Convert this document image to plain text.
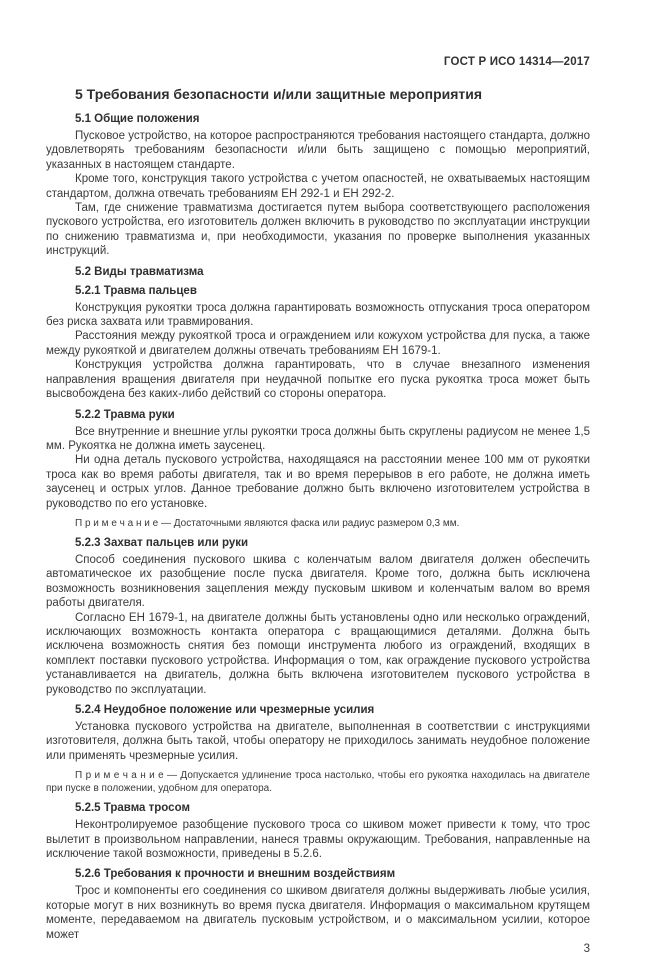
ГОСТ Р ИСО 14314—2017
5 Требования безопасности и/или защитные мероприятия
5.1 Общие положения

Пусковое устройство, на которое распространяются требования настоящего стандарта, должно удовлетворять требованиям безопасности и/или быть защищено с помощью мероприятий, указанных в настоящем стандарте.

Кроме того, конструкция такого устройства с учетом опасностей, не охватываемых настоящим стандартом, должна отвечать требованиям ЕН 292-1 и ЕН 292-2.

Там, где снижение травматизма достигается путем выбора соответствующего расположения пускового устройства, его изготовитель должен включить в руководство по эксплуатации инструкции по снижению травматизма и, при необходимости, указания по проверке выполнения указанных инструкций.

5.2 Виды травматизма
5.2.1 Травма пальцев

Конструкция рукоятки троса должна гарантировать возможность отпускания троса оператором без риска захвата или травмирования.

Расстояния между рукояткой троса и ограждением или кожухом устройства для пуска, а также между рукояткой и двигателем должны отвечать требованиям ЕН 1679-1.

Конструкция устройства должна гарантировать, что в случае внезапного изменения направления вращения двигателя при неудачной попытке его пуска рукоятка троса может быть высвобождена без каких-либо действий со стороны оператора.

5.2.2 Травма руки

Все внутренние и внешние углы рукоятки троса должны быть скруглены радиусом не менее 1,5 мм. Рукоятка не должна иметь заусенец.

Ни одна деталь пускового устройства, находящаяся на расстоянии менее 100 мм от рукоятки троса как во время работы двигателя, так и во время перерывов в его работе, не должна иметь заусенец и острых углов. Данное требование должно быть включено изготовителем устройства в руководство по его установке.

П р и м е ч а н и е — Достаточными являются фаска или радиус размером 0,3 мм.

5.2.3 Захват пальцев или руки

Способ соединения пускового шкива с коленчатым валом двигателя должен обеспечить автоматическое их разобщение после пуска двигателя. Кроме того, должна быть исключена возможность возникновения зацепления между пусковым шкивом и коленчатым валом во время работы двигателя.

Согласно ЕН 1679-1, на двигателе должны быть установлены одно или несколько ограждений, исключающих возможность контакта оператора с вращающимися деталями. Должна быть исключена возможность снятия без помощи инструмента любого из ограждений, входящих в комплект поставки пускового устройства. Информация о том, как ограждение пускового устройства устанавливается на двигатель, должна быть включена изготовителем пускового устройства в руководство по эксплуатации.

5.2.4 Неудобное положение или чрезмерные усилия

Установка пускового устройства на двигателе, выполненная в соответствии с инструкциями изготовителя, должна быть такой, чтобы оператору не приходилось занимать неудобное положение или применять чрезмерные усилия.

П р и м е ч а н и е — Допускается удлинение троса настолько, чтобы его рукоятка находилась на двигателе при пуске в положении, удобном для оператора.

5.2.5 Травма тросом

Неконтролируемое разобщение пускового троса со шкивом может привести к тому, что трос вылетит в произвольном направлении, нанеся травмы окружающим. Требования, направленные на исключение такой возможности, приведены в 5.2.6.

5.2.6 Требования к прочности и внешним воздействиям

Трос и компоненты его соединения со шкивом двигателя должны выдерживать любые усилия, которые могут в них возникнуть во время пуска двигателя. Информация о максимальном крутящем моменте, передаваемом на двигатель пусковым устройством, и о максимальном усилии, которое может

3
